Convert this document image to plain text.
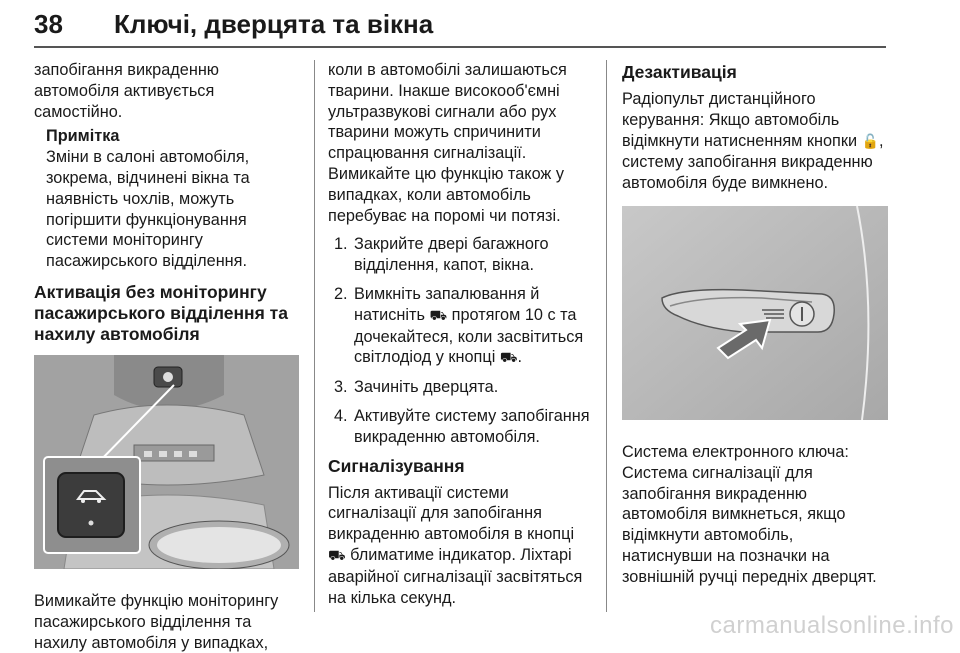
38 Ключі, дверцята та вікна

запобігання викраденню автомобіля активується самостійно.

Примітка
Зміни в салоні автомобіля, зокрема, відчинені вікна та наявність чохлів, можуть погіршити функціонування системи моніторингу пасажирського відділення.
Активація без моніторингу пасажирського відділення та нахилу автомобіля

Вимикайте функцію моніторингу пасажирського відділення та нахилу автомобіля у випадках,

коли в автомобілі залишаються тварини. Інакше високооб'ємні ультразвукові сигнали або рух тварини можуть спричинити спрацювання сигналізації. Вимикайте цю функцію також у випадках, коли автомобіль перебуває на поромі чи потязі.

1. Закрийте двері багажного відділення, капот, вікна.
2. Вимкніть запалювання й натисніть ⛟ протягом 10 с та дочекайтеся, коли засвітиться світлодіод у кнопці ⛟.
3. Зачиніть дверцята.
4. Активуйте систему запобігання викраденню автомобіля.
Сигналізування

Після активації системи сигналізації для запобігання викраденню автомобіля в кнопці ⛟ блиматиме індикатор. Ліхтарі аварійної сигналізації засвітяться на кілька секунд.

Дезактивація

Радіопульт дистанційного керування: Якщо автомобіль відімкнути натисненням кнопки 🔓, систему запобігання викраденню автомобіля буде вимкнено.

Система електронного ключа: Система сигналізації для запобігання викраденню автомобіля вимкнеться, якщо відімкнути автомобіль, натиснувши на позначки на зовнішній ручці передніх дверцят.

carmanualsonline.info
